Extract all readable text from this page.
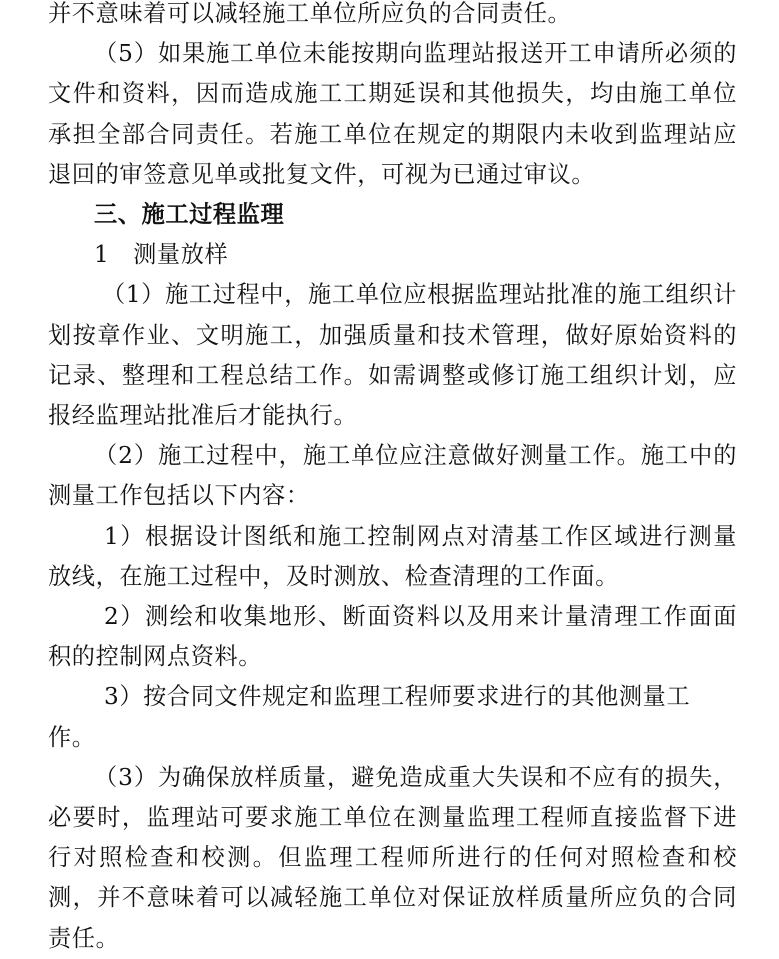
并不意味着可以减轻施工单位所应负的合同责任。

（5）如果施工单位未能按期向监理站报送开工申请所必须的文件和资料，因而造成施工工期延误和其他损失，均由施工单位承担全部合同责任。若施工单位在规定的期限内未收到监理站应退回的审签意见单或批复文件，可视为已通过审议。

三、施工过程监理

1　测量放样

（1）施工过程中，施工单位应根据监理站批准的施工组织计划按章作业、文明施工，加强质量和技术管理，做好原始资料的记录、整理和工程总结工作。如需调整或修订施工组织计划，应报经监理站批准后才能执行。

（2）施工过程中，施工单位应注意做好测量工作。施工中的测量工作包括以下内容：

1）根据设计图纸和施工控制网点对清基工作区域进行测量放线，在施工过程中，及时测放、检查清理的工作面。

2）测绘和收集地形、断面资料以及用来计量清理工作面面积的控制网点资料。

3）按合同文件规定和监理工程师要求进行的其他测量工作。

（3）为确保放样质量，避免造成重大失误和不应有的损失，必要时，监理站可要求施工单位在测量监理工程师直接监督下进行对照检查和校测。但监理工程师所进行的任何对照检查和校测，并不意味着可以减轻施工单位对保证放样质量所应负的合同责任。
